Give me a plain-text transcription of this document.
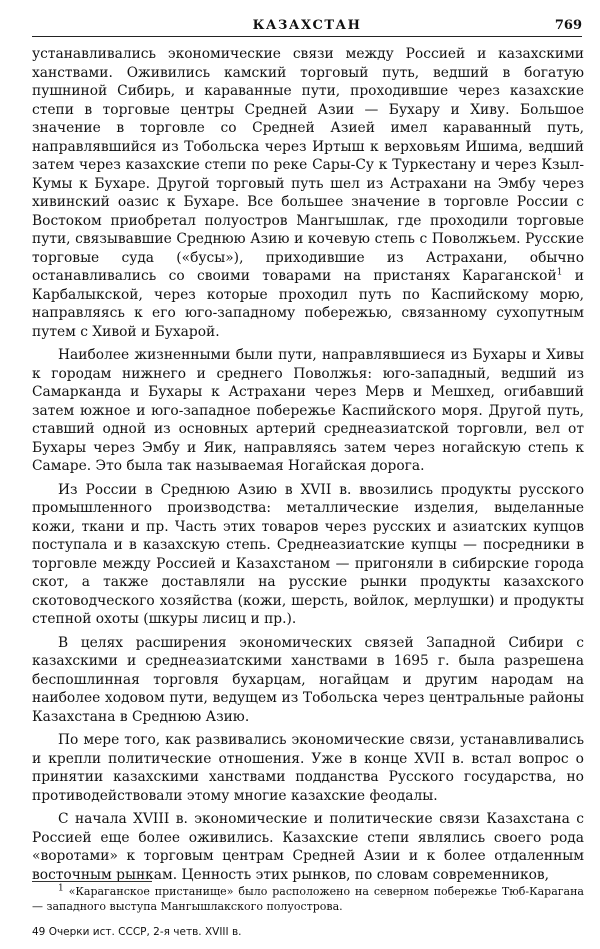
КАЗАХСТАН	769

устанавливались экономические связи между Россией и казахскими ханствами. Оживились камский торговый путь, ведший в богатую пушниной Сибирь, и караванные пути, проходившие через казахские степи в торговые центры Средней Азии — Бухару и Хиву. Большое значение в торговле со Средней Азией имел караванный путь, направлявшийся из Тобольска через Иртыш к верховьям Ишима, ведший затем через казахские степи по реке Сары-Су к Туркестану и через Кзыл-Кумы к Бухаре. Другой торговый путь шел из Астрахани на Эмбу через хивинский оазис к Бухаре. Все большее значение в торговле России с Востоком приобретал полуостров Мангышлак, где проходили торговые пути, связывавшие Среднюю Азию и кочевую степь с Поволжьем. Русские торговые суда («бусы»), приходившие из Астрахани, обычно останавливались со своими товарами на пристанях Карaганской$^1$ и Карбалыкской, через которые проходил путь по Каспийскому морю, направляясь к его юго-западному побережью, связанному сухопутным путем с Хивой и Бухарой.

Наиболее жизненными были пути, направлявшиеся из Бухары и Хивы к городам нижнего и среднего Поволжья: юго-западный, ведший из Самарканда и Бухары к Астрахани через Мерв и Мешхед, огибавший затем южное и юго-западное побережье Каспийского моря. Другой путь, ставший одной из основных артерий среднеазиатской торговли, вел от Бухары через Эмбу и Яик, направляясь затем через ногайскую степь к Самаре. Это была так называемая Ногайская дорога.

Из России в Среднюю Азию в XVII в. ввозились продукты русского промышленного производства: металлические изделия, выделанные кожи, ткани и пр. Часть этих товаров через русских и азиатских купцов поступала и в казахскую степь. Среднеазиатские купцы — посредники в торговле между Россией и Казахстаном — пригоняли в сибирские города скот, а также доставляли на русские рынки продукты казахского скотоводческого хозяйства (кожи, шерсть, войлок, мерлушки) и продукты степной охоты (шкуры лисиц и пр.).

В целях расширения экономических связей Западной Сибири с казахскими и среднеазиатскими ханствами в 1695 г. была разрешена беспошлинная торговля бухарцам, ногайцам и другим народам на наиболее ходовом пути, ведущем из Тобольска через центральные районы Казахстана в Среднюю Азию.

По мере того, как развивались экономические связи, устанавливались и крепли политические отношения. Уже в конце XVII в. встал вопрос о принятии казахскими ханствами подданства Русского государства, но противодействовали этому многие казахские феодалы.

С начала XVIII в. экономические и политические связи Казахстана с Россией еще более оживились. Казахские степи являлись своего рода «воротами» к торговым центрам Средней Азии и к более отдаленным восточным рынкам. Ценность этих рынков, по словам современников,

$^1$ «Караганское пристанище» было расположено на северном побережье Тюб-Карагана — западного выступа Мангышлакского полуострова.
49 Очерки ист. СССР, 2-я четв. XVIII в.
